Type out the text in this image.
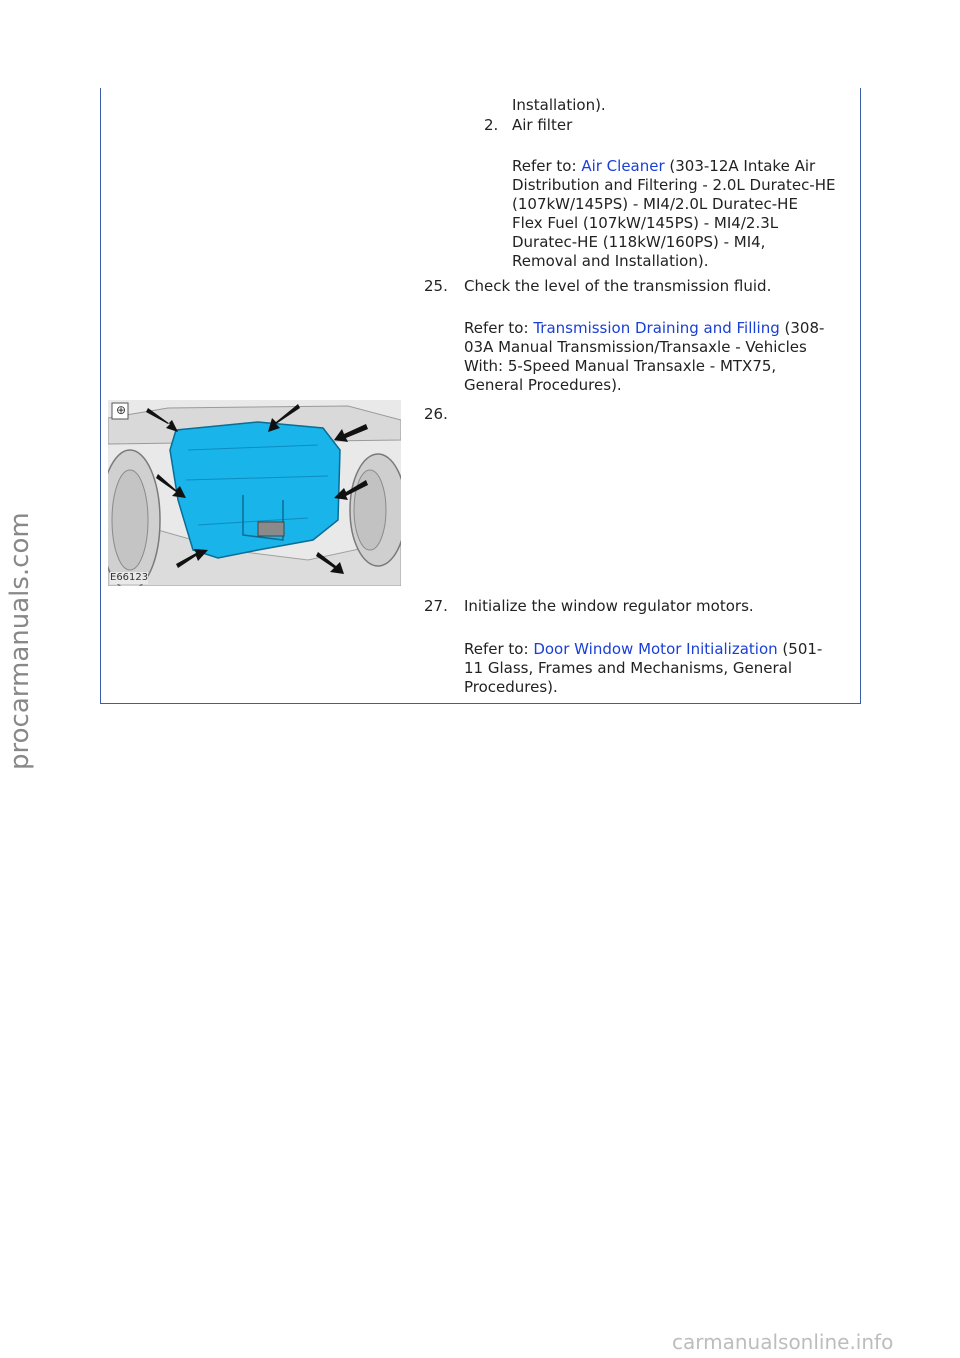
Installation).
2. Air filter
Refer to: Air Cleaner (303-12A Intake Air
Distribution and Filtering - 2.0L Duratec-HE
(107kW/145PS) - MI4/2.0L Duratec-HE
Flex Fuel (107kW/145PS) - MI4/2.3L
Duratec-HE (118kW/160PS) - MI4,
Removal and Installation).
25. Check the level of the transmission fluid.
Refer to: Transmission Draining and Filling (308-
03A Manual Transmission/Transaxle - Vehicles
With: 5-Speed Manual Transaxle - MTX75,
General Procedures).
26.
⊕
E66123
27. Initialize the window regulator motors.
Refer to: Door Window Motor Initialization (501-
11 Glass, Frames and Mechanisms, General
Procedures).
procarmanuals.com
carmanualsonline.info
